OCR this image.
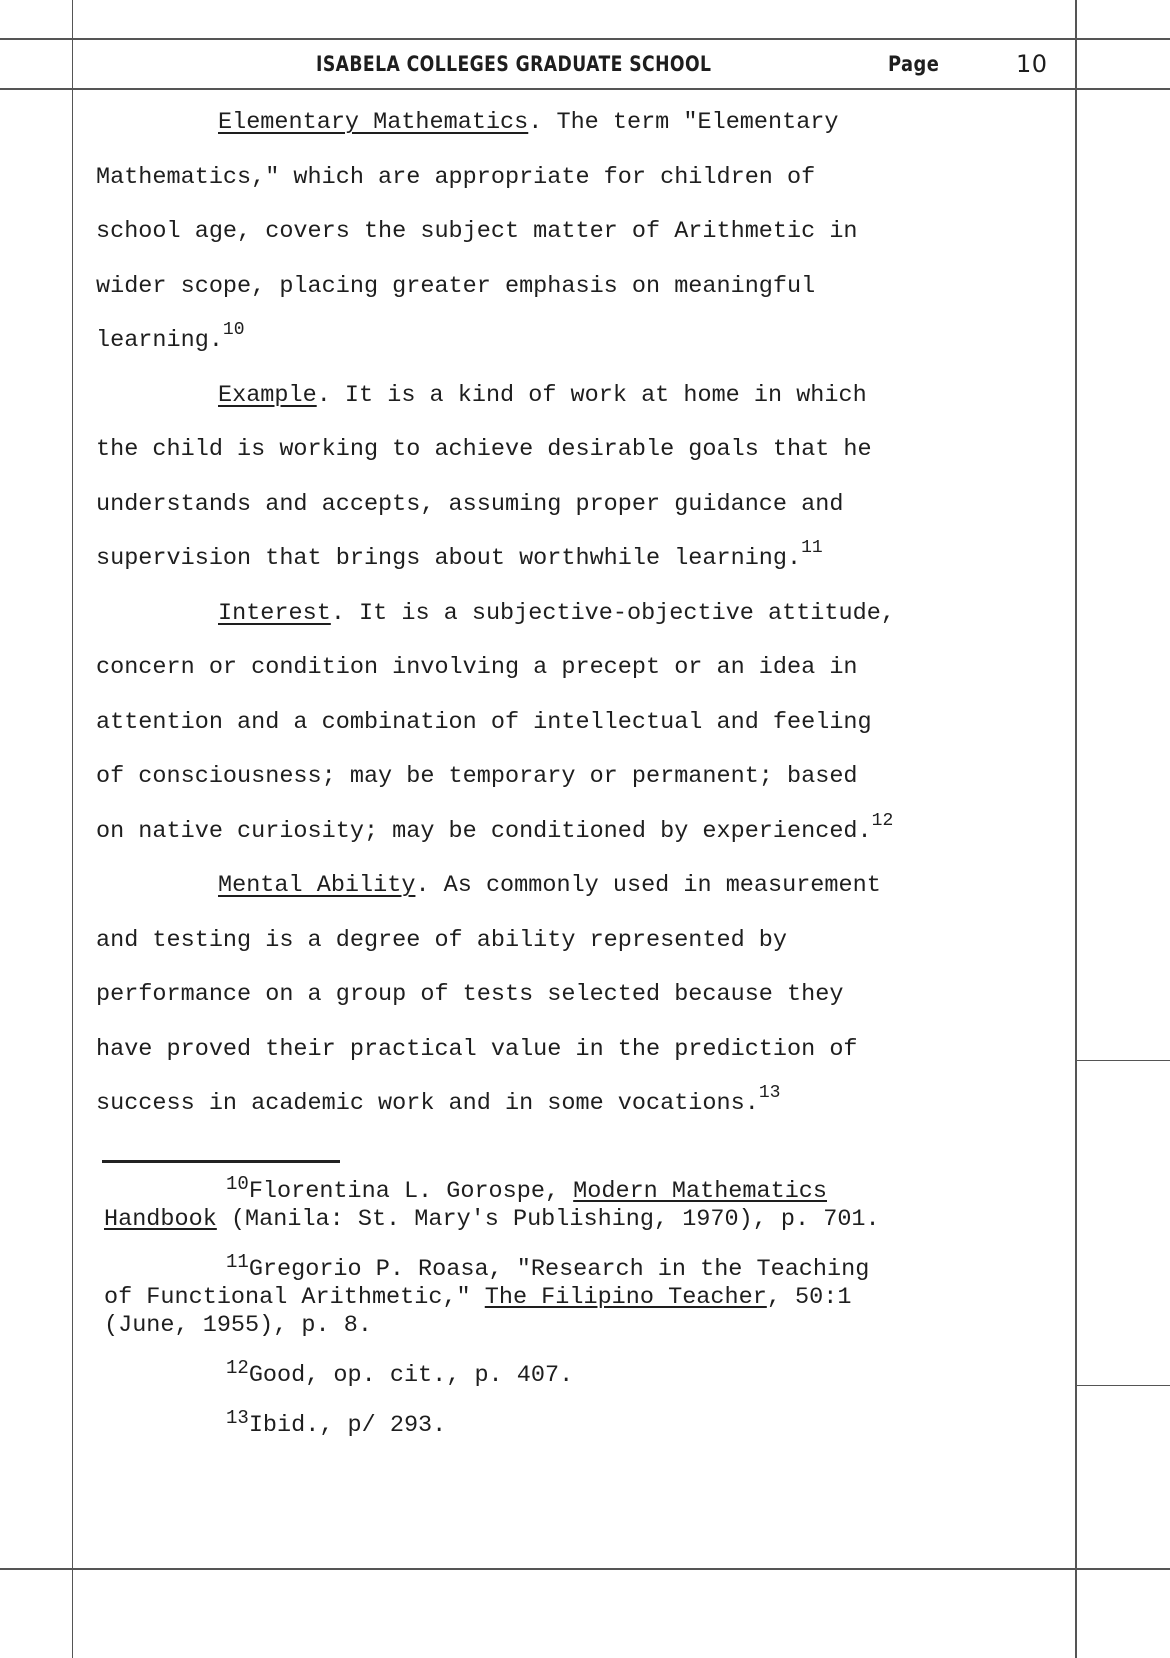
ISABELA COLLEGES GRADUATE SCHOOL	Page	10

Elementary Mathematics. The term "Elementary
Mathematics," which are appropriate for children of
school age, covers the subject matter of Arithmetic in
wider scope, placing greater emphasis on meaningful
learning.$^{10}$

Example. It is a kind of work at home in which
the child is working to achieve desirable goals that he
understands and accepts, assuming proper guidance and
supervision that brings about worthwhile learning.$^{11}$

Interest. It is a subjective-objective attitude,
concern or condition involving a precept or an idea in
attention and a combination of intellectual and feeling
of consciousness; may be temporary or permanent; based
on native curiosity; may be conditioned by experienced.$^{12}$

Mental Ability. As commonly used in measurement
and testing is a degree of ability represented by
performance on a group of tests selected because they
have proved their practical value in the prediction of
success in academic work and in some vocations.$^{13}$

$^{10}$Florentina L. Gorospe, Modern Mathematics
Handbook (Manila: St. Mary's Publishing, 1970), p. 701.

$^{11}$Gregorio P. Roasa, "Research in the Teaching
of Functional Arithmetic," The Filipino Teacher, 50:1
(June, 1955), p. 8.

$^{12}$Good, op. cit., p. 407.

$^{13}$Ibid., p/ 293.
